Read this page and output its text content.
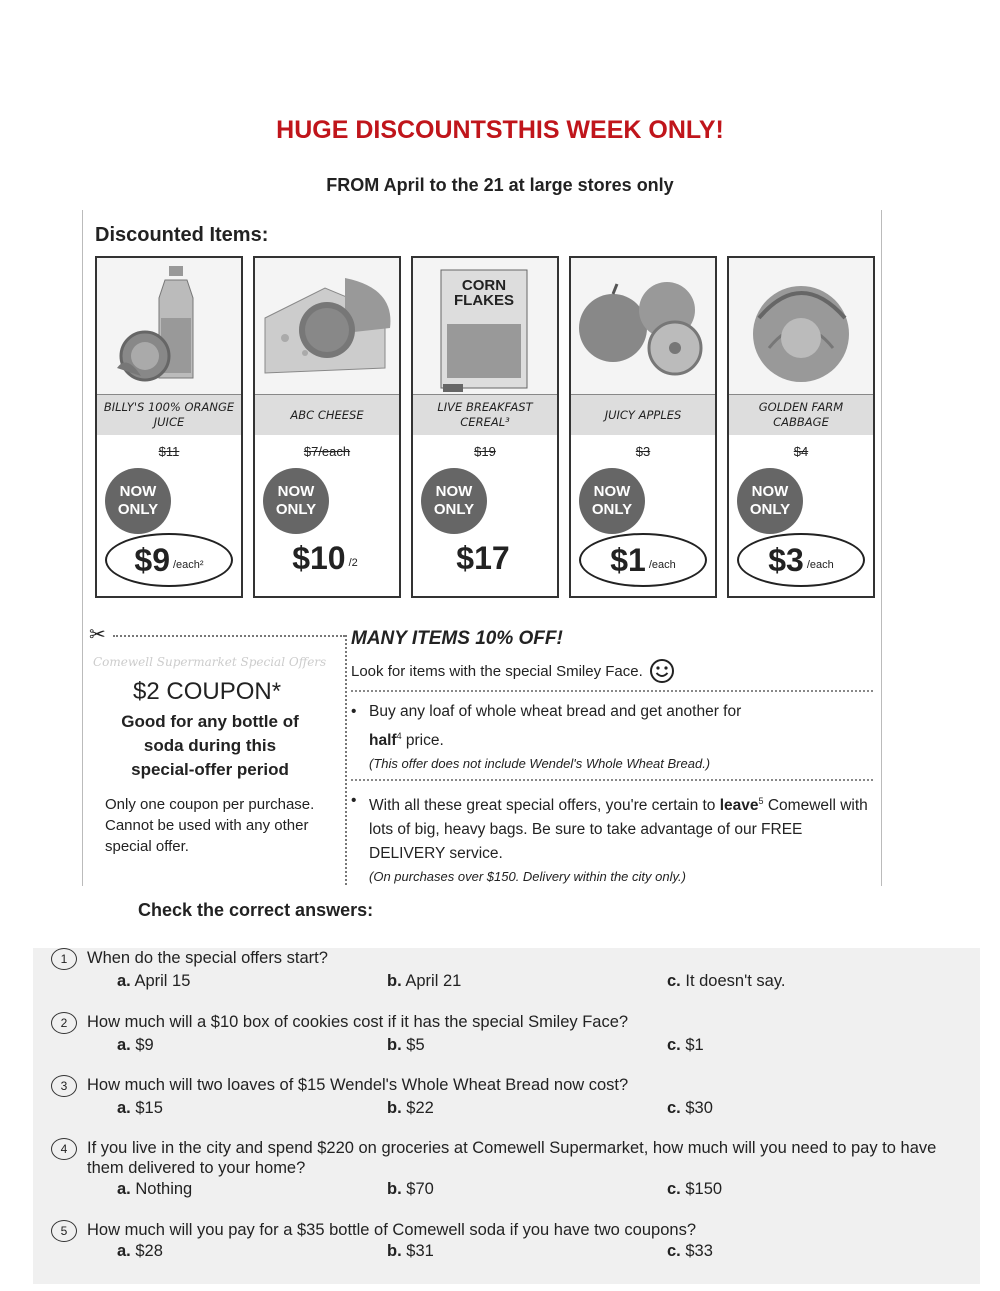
HUGE DISCOUNTSTHIS WEEK ONLY!
FROM April to the 21 at large stores only
Discounted Items:
BILLY'S 100% ORANGE JUICE
$11
NOW ONLY
$9 /each²
ABC CHEESE
$7/each
NOW ONLY
$10 /2
CORN FLAKES
LIVE BREAKFAST CEREAL³
$19
NOW ONLY
$17
JUICY APPLES
$3
NOW ONLY
$1 /each
GOLDEN FARM CABBAGE
$4
NOW ONLY
$3 /each
✂
Comewell Supermarket Special Offers
$2 COUPON*
Good for any bottle of soda during this special-offer period
Only one coupon per purchase. Cannot be used with any other special offer.
MANY ITEMS 10% OFF!
Look for items with the special Smiley Face.
• Buy any loaf of whole wheat bread and get another for
half$^4$ price.
(This offer does not include Wendel's Whole Wheat Bread.)
• With all these great special offers, you're certain to leave$^5$ Comewell with lots of big, heavy bags. Be sure to take advantage of our FREE DELIVERY service.
(On purchases over $150. Delivery within the city only.)
Check the correct answers:
1	When do the special offers start?
a. April 15	b. April 21	c. It doesn't say.
2	How much will a $10 box of cookies cost if it has the special Smiley Face?
a. $9	b. $5	c. $1
3	How much will two loaves of $15 Wendel's Whole Wheat Bread now cost?
a. $15	b. $22	c. $30
4	If you live in the city and spend $220 on groceries at Comewell Supermarket, how much will you need to pay to have them delivered to your home?
a. Nothing	b. $70	c. $150
5	How much will you pay for a $35 bottle of Comewell soda if you have two coupons?
a. $28	b. $31	c. $33
